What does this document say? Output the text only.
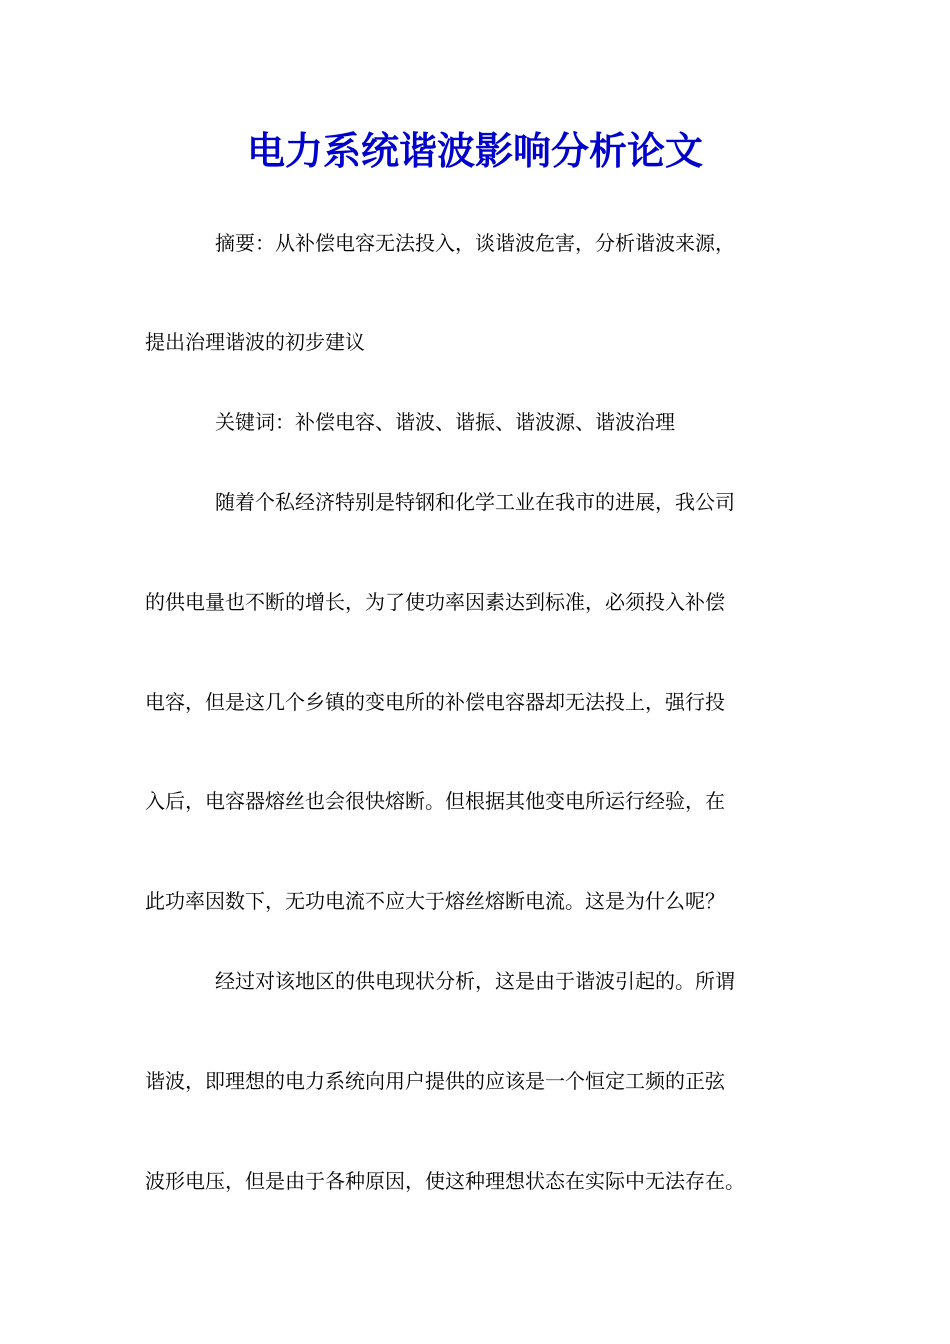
电力系统谐波影响分析论文
摘要：从补偿电容无法投入，谈谐波危害，分析谐波来源，
提出治理谐波的初步建议
关键词：补偿电容、谐波、谐振、谐波源、谐波治理
随着个私经济特别是特钢和化学工业在我市的进展，我公司
的供电量也不断的增长，为了使功率因素达到标准，必须投入补偿
电容，但是这几个乡镇的变电所的补偿电容器却无法投上，强行投
入后，电容器熔丝也会很快熔断。但根据其他变电所运行经验，在
此功率因数下，无功电流不应大于熔丝熔断电流。这是为什么呢？
经过对该地区的供电现状分析，这是由于谐波引起的。所谓
谐波，即理想的电力系统向用户提供的应该是一个恒定工频的正弦
波形电压，但是由于各种原因，使这种理想状态在实际中无法存在。
